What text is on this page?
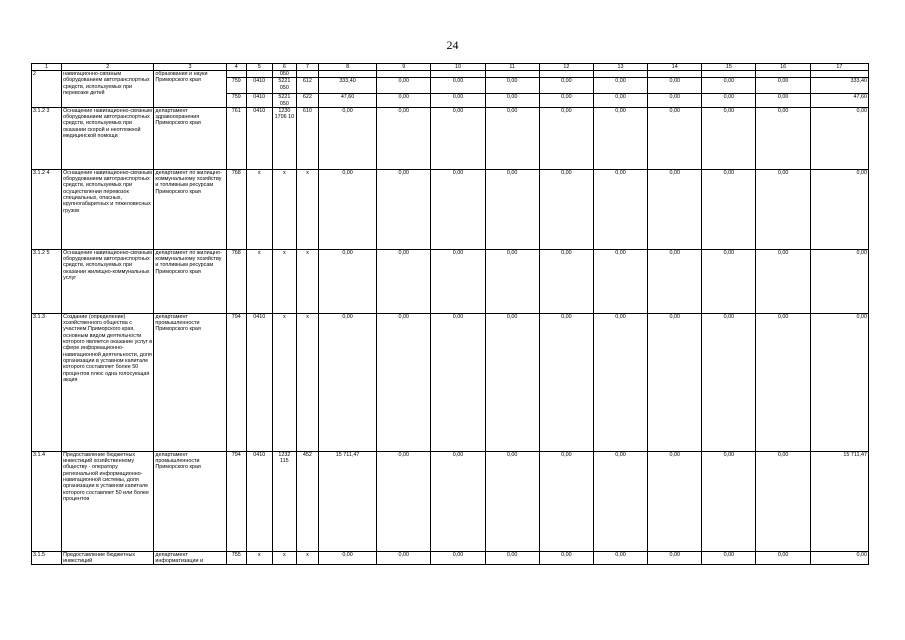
24
1	2	3	4	5	6	7	8	9	10	11	12	13	14	15	16	17
2	навигационно-связным оборудованием автотранспортных средств, используемых при перевозке детей	образования и науки Приморского края			050											
			759	0410	5221 050	612	333,40	0,00	0,00	0,00	0,00	0,00	0,00	0,00	0,00	333,40
			759	0410	5221 050	622	47,60	0,00	0,00	0,00	0,00	0,00	0,00	0,00	0,00	47,60
3.1.2 3	Оснащение навигационно-связным оборудованием автотранспортных средств, используемых при оказании скорой и неотложной медицинской помощи	департамент здравоохранения Приморского края	761	0410	1230 1706 10	610	0,00	0,00	0,00	0,00	0,00	0,00	0,00	0,00	0,00	0,00
3.1.2 4	Оснащение навигационно-связным оборудованием автотранспортных средств, используемых при осуществлении перевозок специальных, опасных, крупногабаритных и тяжеловесных грузов	департамент по жилищно-коммунальному хозяйству и топливным ресурсам Приморского края	768	x	x	x	0,00	0,00	0,00	0,00	0,00	0,00	0,00	0,00	0,00	0,00
3.1.2 5	Оснащение навигационно-связным оборудованием автотранспортных средств, используемых при оказании жилищно-коммунальных услуг	департамент по жилищно-коммунальному хозяйству и топливным ресурсам Приморского края	768	x	x	x	0,00	0,00	0,00	0,00	0,00	0,00	0,00	0,00	0,00	0,00
3.1.3	Создание (определение) хозяйственного общества с участием Приморского края, основным видом деятельности которого является оказание услуг в сфере информационно-навигационной деятельности, доля организации в уставном капитале которого составляет более 50 процентов плюс одна голосующая акция	департамент промышленности Приморского края	794	0410	x	x	0,00	0,00	0,00	0,00	0,00	0,00	0,00	0,00	0,00	0,00
3.1.4	Предоставление бюджетных инвестиций хозяйственному обществу - оператору региональной информационно-навигационной системы, доля организации в уставном капитале которого составляет 50 или более процентов	департамент промышленности Приморского края	794	0410	1232 115	452	15 711,47	0,00	0,00	0,00	0,00	0,00	0,00	0,00	0,00	15 711,47
3.1.5	Предоставление бюджетных инвестиций	департамент информатизации и	755	x	x	x	0,00	0,00	0,00	0,00	0,00	0,00	0,00	0,00	0,00	0,00
